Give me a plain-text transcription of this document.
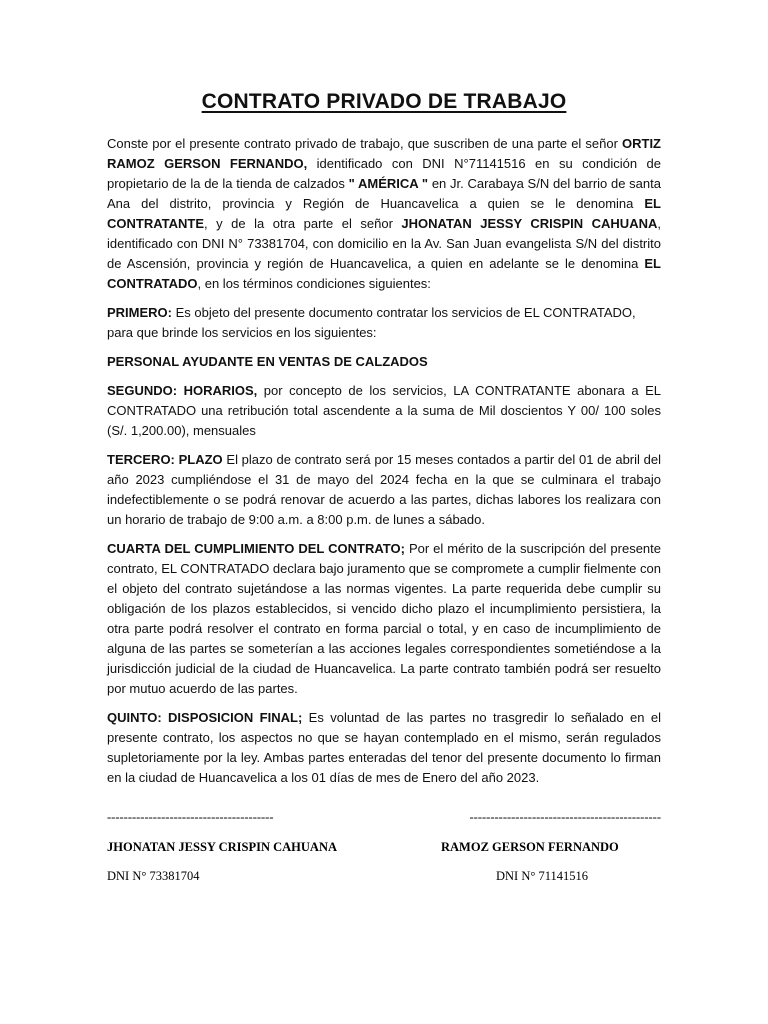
CONTRATO PRIVADO DE TRABAJO

Conste por el presente contrato privado de trabajo, que suscriben de una parte el señor ORTIZ RAMOZ GERSON FERNANDO, identificado con DNI N°71141516 en su condición de propietario de la de la tienda de calzados " AMÉRICA " en Jr. Carabaya S/N del barrio de santa Ana del distrito, provincia y Región de Huancavelica a quien se le denomina EL CONTRATANTE, y de la otra parte el señor JHONATAN JESSY CRISPIN CAHUANA, identificado con DNI N° 73381704, con domicilio en la Av. San Juan evangelista S/N del distrito de Ascensión, provincia y región de Huancavelica, a quien en adelante se le denomina EL CONTRATADO, en los términos condiciones siguientes:

PRIMERO: Es objeto del presente documento contratar los servicios de EL CONTRATADO, para que brinde los servicios en los siguientes:

PERSONAL AYUDANTE EN VENTAS DE CALZADOS

SEGUNDO: HORARIOS, por concepto de los servicios, LA CONTRATANTE abonara a EL CONTRATADO una retribución total ascendente a la suma de Mil doscientos Y 00/ 100 soles (S/. 1,200.00), mensuales

TERCERO: PLAZO El plazo de contrato será por 15 meses contados a partir del 01 de abril del año 2023 cumpliéndose el 31 de mayo del 2024 fecha en la que se culminara el trabajo indefectiblemente o se podrá renovar de acuerdo a las partes, dichas labores los realizara con un horario de trabajo de 9:00 a.m. a 8:00 p.m. de lunes a sábado.

CUARTA DEL CUMPLIMIENTO DEL CONTRATO; Por el mérito de la suscripción del presente contrato, EL CONTRATADO declara bajo juramento que se compromete a cumplir fielmente con el objeto del contrato sujetándose a las normas vigentes. La parte requerida debe cumplir su obligación de los plazos establecidos, si vencido dicho plazo el incumplimiento persistiera, la otra parte podrá resolver el contrato en forma parcial o total, y en caso de incumplimiento de alguna de las partes se someterían a las acciones legales correspondientes sometiéndose a la jurisdicción judicial de la ciudad de Huancavelica. La parte contrato también podrá ser resuelto por mutuo acuerdo de las partes.

QUINTO: DISPOSICION FINAL; Es voluntad de las partes no trasgredir lo señalado en el presente contrato, los aspectos no que se hayan contemplado en el mismo, serán regulados supletoriamente por la ley. Ambas partes enteradas del tenor del presente documento lo firman en la ciudad de Huancavelica a los 01 días de mes de Enero del año 2023.

----------------------------------------	----------------------------------------------
JHONATAN JESSY CRISPIN CAHUANA	RAMOZ GERSON FERNANDO
DNI N° 73381704	DNI N° 71141516
